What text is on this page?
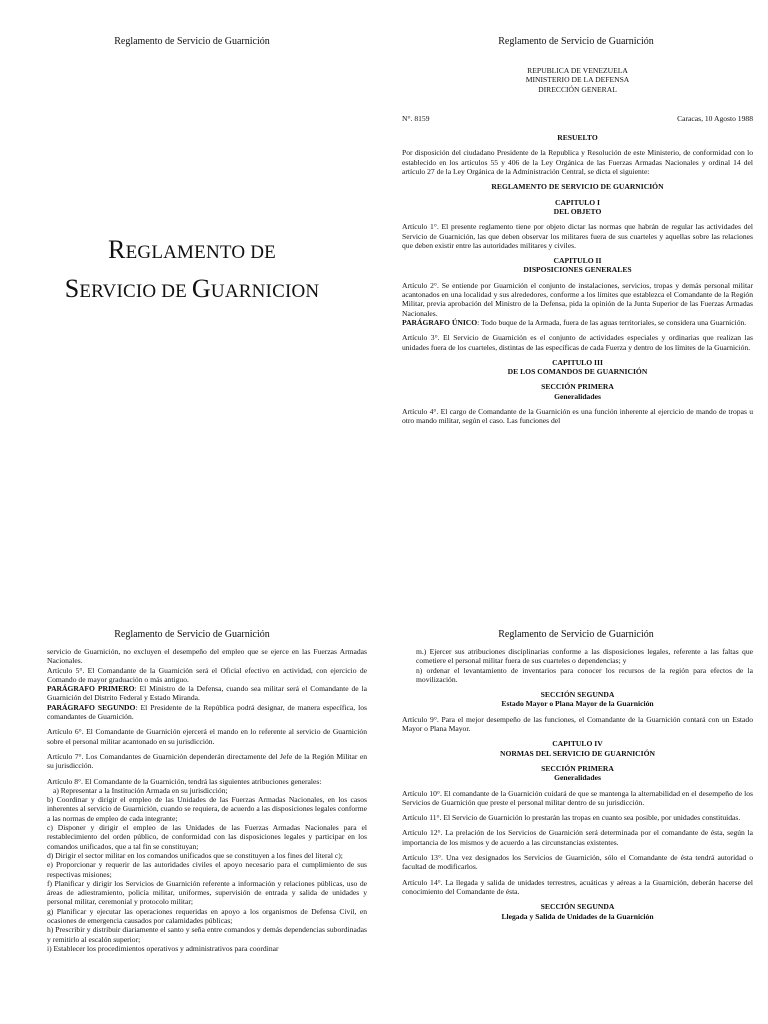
Reglamento de Servicio de Guarnición
REGLAMENTO DE
SERVICIO DE GUARNICION
Reglamento de Servicio de Guarnición

REPUBLICA DE VENEZUELA

MINISTERIO DE LA DEFENSA

DIRECCIÓN GENERAL

N°. 8159	Caracas, 10 Agosto 1988

RESUELTO

Por disposición del ciudadano Presidente de la Republica y Resolución de este Ministerio, de conformidad con lo establecido en los artículos 55 y 406 de la Ley Orgánica de las Fuerzas Armadas Nacionales y ordinal 14 del artículo 27 de la Ley Orgánica de la Administración Central, se dicta el siguiente:

REGLAMENTO DE SERVICIO DE GUARNICIÓN

CAPITULO I

DEL OBJETO

Artículo 1°. El presente reglamento tiene por objeto dictar las normas que habrán de regular las actividades del Servicio de Guarnición, las que deben observar los militares fuera de sus cuarteles y aquellas sobre las relaciones que deben existir entre las autoridades militares y civiles.

CAPITULO II

DISPOSICIONES GENERALES

Artículo 2°. Se entiende por Guarnición el conjunto de instalaciones, servicios, tropas y demás personal militar acantonados en una localidad y sus alrededores, conforme a los límites que establezca el Comandante de la Región Militar, previa aprobación del Ministro de la Defensa, pida la opinión de la Junta Superior de las Fuerzas Armadas Nacionales.

PARÁGRAFO ÚNICO: Todo buque de la Armada, fuera de las aguas territoriales, se considera una Guarnición.

Artículo 3°. El Servicio de Guarnición es el conjunto de actividades especiales y ordinarias que realizan las unidades fuera de los cuarteles, distintas de las específicas de cada Fuerza y dentro de los límites de la Guarnición.

CAPITULO III

DE LOS COMANDOS DE GUARNICIÓN

SECCIÓN PRIMERA

Generalidades

Artículo 4°. El cargo de Comandante de la Guarnición es una función inherente al ejercicio de mando de tropas u otro mando militar, según el caso. Las funciones del

Reglamento de Servicio de Guarnición

servicio de Guarnición, no excluyen el desempeño del empleo que se ejerce en las Fuerzas Armadas Nacionales.

Artículo 5°. El Comandante de la Guarnición será el Oficial efectivo en actividad, con ejercicio de Comando de mayor graduación o más antiguo.

PARÁGRAFO PRIMERO: El Ministro de la Defensa, cuando sea militar será el Comandante de la Guarnición del Distrito Federal y Estado Miranda.

PARÁGRAFO SEGUNDO: El Presidente de la República podrá designar, de manera específica, los comandantes de Guarnición.

Artículo 6°. El Comandante de Guarnición ejercerá el mando en lo referente al servicio de Guarnición sobre el personal militar acantonado en su jurisdicción.

Artículo 7°. Los Comandantes de Guarnición dependerán directamente del Jefe de la Región Militar en su jurisdicción.

Artículo 8°. El Comandante de la Guarnición, tendrá las siguientes atribuciones generales:

a) Representar a la Institución Armada en su jurisdicción;

b) Coordinar y dirigir el empleo de las Unidades de las Fuerzas Armadas Nacionales, en los casos inherentes al servicio de Guarnición, cuando se requiera, de acuerdo a las disposiciones legales conforme a las normas de empleo de cada integrante;

c) Disponer y dirigir el empleo de las Unidades de las Fuerzas Armadas Nacionales para el restablecimiento del orden público, de conformidad con las disposiciones legales y participar en los comandos unificados, que a tal fin se constituyan;

d) Dirigir el sector militar en los comandos unificados que se constituyen a los fines del literal c);

e) Proporcionar y requerir de las autoridades civiles el apoyo necesario para el cumplimiento de sus respectivas misiones;

f) Planificar y dirigir los Servicios de Guarnición referente a información y relaciones públicas, uso de áreas de adiestramiento, policía militar, uniformes, supervisión de entrada y salida de unidades y personal militar, ceremonial y protocolo militar;

g) Planificar y ejecutar las operaciones requeridas en apoyo a los organismos de Defensa Civil, en ocasiones de emergencia causados por calamidades públicas;

h) Prescribir y distribuir diariamente el santo y seña entre comandos y demás dependencias subordinadas y remitirlo al escalón superior;

i) Establecer los procedimientos operativos y administrativos para coordinar

Reglamento de Servicio de Guarnición

m.) Ejercer sus atribuciones disciplinarias conforme a las disposiciones legales, referente a las faltas que cometiere el personal militar fuera de sus cuarteles o dependencias; y

n) ordenar el levantamiento de inventarios para conocer los recursos de la región para efectos de la movilización.

SECCIÓN SEGUNDA

Estado Mayor o Plana Mayor de la Guarnición

Artículo 9°. Para el mejor desempeño de las funciones, el Comandante de la Guarnición contará con un Estado Mayor o Plana Mayor.

CAPITULO IV

NORMAS DEL SERVICIO DE GUARNICIÓN

SECCIÓN PRIMERA

Generalidades

Artículo 10°. El comandante de la Guarnición cuidará de que se mantenga la alternabilidad en el desempeño de los Servicios de Guarnición que preste el personal militar dentro de su jurisdicción.

Artículo 11°. El Servicio de Guarnición lo prestarán las tropas en cuanto sea posible, por unidades constituidas.

Artículo 12°. La prelación de los Servicios de Guarnición será determinada por el comandante de ésta, según la importancia de los mismos y de acuerdo a las circunstancias existentes.

Artículo 13°. Una vez designados los Servicios de Guarnición, sólo el Comandante de ésta tendrá autoridad o facultad de modificarlos.

Artículo 14°. La llegada y salida de unidades terrestres, acuáticas y aéreas a la Guarnición, deberán hacerse del conocimiento del Comandante de ésta.

SECCIÓN SEGUNDA

Llegada y Salida de Unidades de la Guarnición
